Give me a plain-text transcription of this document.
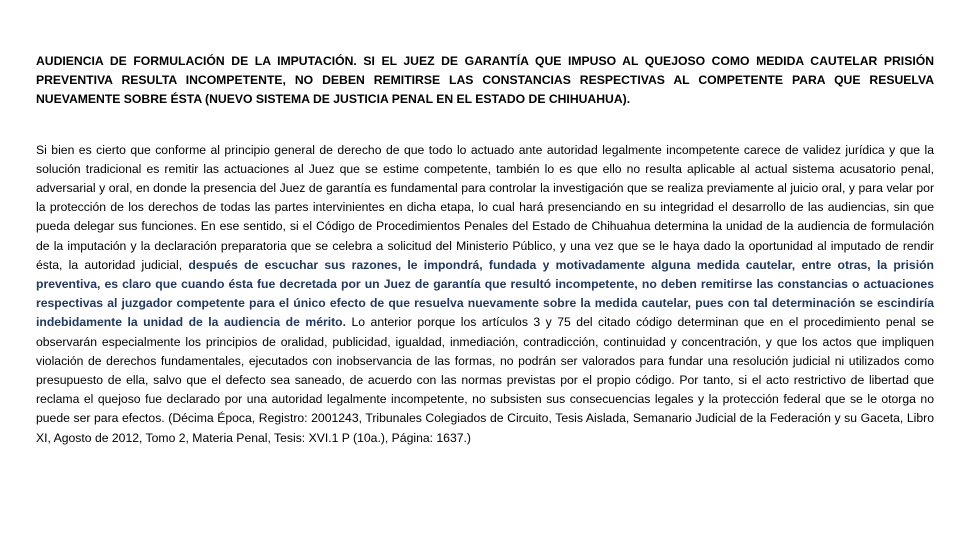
AUDIENCIA DE FORMULACIÓN DE LA IMPUTACIÓN. SI EL JUEZ DE GARANTÍA QUE IMPUSO AL QUEJOSO COMO MEDIDA CAUTELAR PRISIÓN PREVENTIVA RESULTA INCOMPETENTE, NO DEBEN REMITIRSE LAS CONSTANCIAS RESPECTIVAS AL COMPETENTE PARA QUE RESUELVA NUEVAMENTE SOBRE ÉSTA (NUEVO SISTEMA DE JUSTICIA PENAL EN EL ESTADO DE CHIHUAHUA).

Si bien es cierto que conforme al principio general de derecho de que todo lo actuado ante autoridad legalmente incompetente carece de validez jurídica y que la solución tradicional es remitir las actuaciones al Juez que se estime competente, también lo es que ello no resulta aplicable al actual sistema acusatorio penal, adversarial y oral, en donde la presencia del Juez de garantía es fundamental para controlar la investigación que se realiza previamente al juicio oral, y para velar por la protección de los derechos de todas las partes intervinientes en dicha etapa, lo cual hará presenciando en su integridad el desarrollo de las audiencias, sin que pueda delegar sus funciones. En ese sentido, si el Código de Procedimientos Penales del Estado de Chihuahua determina la unidad de la audiencia de formulación de la imputación y la declaración preparatoria que se celebra a solicitud del Ministerio Público, y una vez que se le haya dado la oportunidad al imputado de rendir ésta, la autoridad judicial, después de escuchar sus razones, le impondrá, fundada y motivadamente alguna medida cautelar, entre otras, la prisión preventiva, es claro que cuando ésta fue decretada por un Juez de garantía que resultó incompetente, no deben remitirse las constancias o actuaciones respectivas al juzgador competente para el único efecto de que resuelva nuevamente sobre la medida cautelar, pues con tal determinación se escindiría indebidamente la unidad de la audiencia de mérito. Lo anterior porque los artículos 3 y 75 del citado código determinan que en el procedimiento penal se observarán especialmente los principios de oralidad, publicidad, igualdad, inmediación, contradicción, continuidad y concentración, y que los actos que impliquen violación de derechos fundamentales, ejecutados con inobservancia de las formas, no podrán ser valorados para fundar una resolución judicial ni utilizados como presupuesto de ella, salvo que el defecto sea saneado, de acuerdo con las normas previstas por el propio código. Por tanto, si el acto restrictivo de libertad que reclama el quejoso fue declarado por una autoridad legalmente incompetente, no subsisten sus consecuencias legales y la protección federal que se le otorga no puede ser para efectos. (Décima Época, Registro: 2001243, Tribunales Colegiados de Circuito, Tesis Aislada, Semanario Judicial de la Federación y su Gaceta, Libro XI, Agosto de 2012, Tomo 2, Materia Penal, Tesis: XVI.1 P (10a.), Página: 1637.)
